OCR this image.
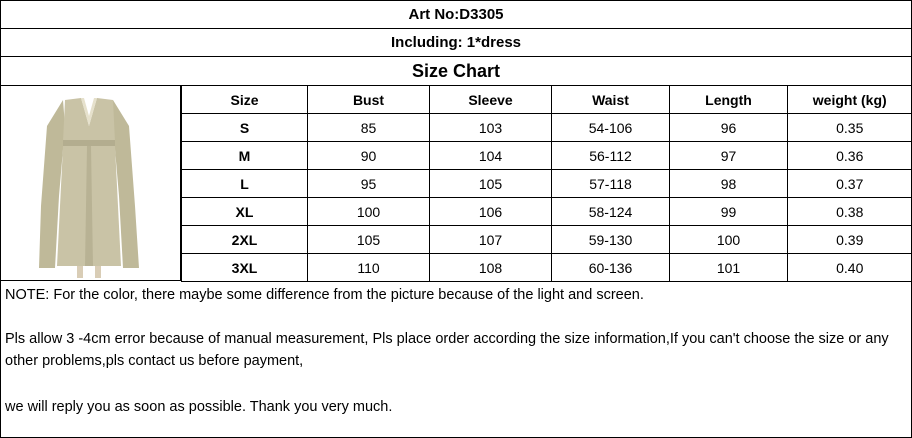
Art No:D3305
Including: 1*dress
Size Chart
Size	Bust	Sleeve	Waist	Length	weight (kg)
S	85	103	54-106	96	0.35
M	90	104	56-112	97	0.36
L	95	105	57-118	98	0.37
XL	100	106	58-124	99	0.38
2XL	105	107	59-130	100	0.39
3XL	110	108	60-136	101	0.40

NOTE: For the color, there maybe some difference from the picture because of the light and screen.

Pls allow 3 -4cm error because of manual measurement, Pls place order according the size information,If you can't choose the size or any other problems,pls contact us before payment,

we will reply you as soon as possible. Thank you very much.
